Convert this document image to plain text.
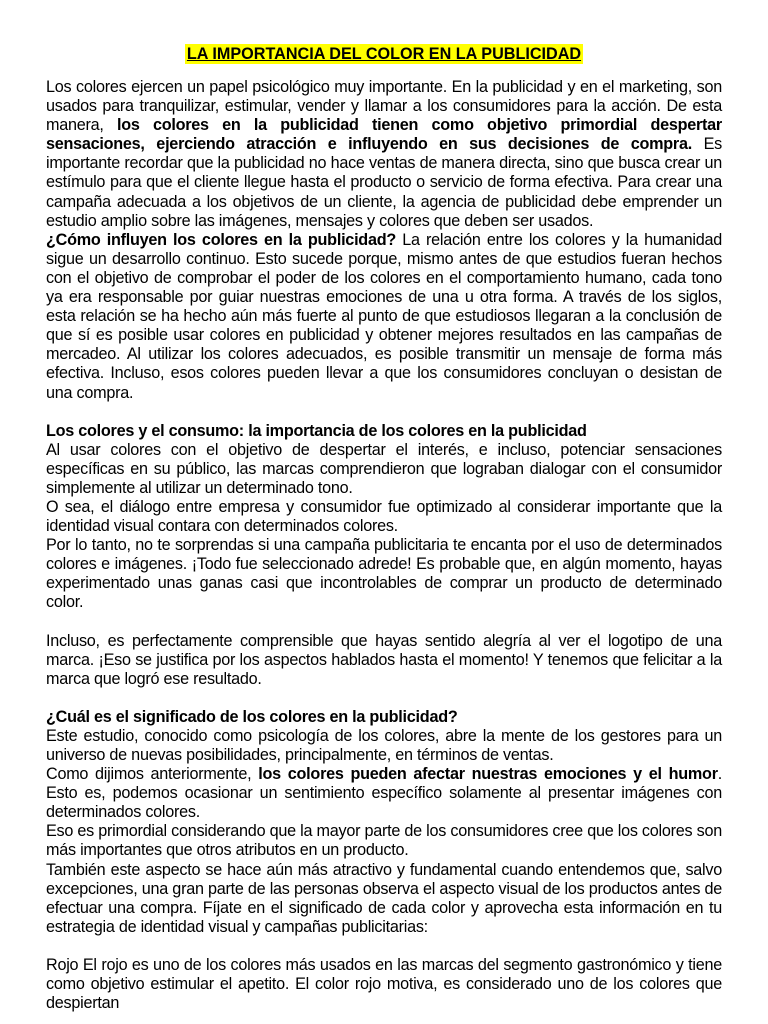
LA IMPORTANCIA DEL COLOR EN LA PUBLICIDAD

Los colores ejercen un papel psicológico muy importante. En la publicidad y en el marketing, son usados para tranquilizar, estimular, vender y llamar a los consumidores para la acción. De esta manera, los colores en la publicidad tienen como objetivo primordial despertar sensaciones, ejerciendo atracción e influyendo en sus decisiones de compra. Es importante recordar que la publicidad no hace ventas de manera directa, sino que busca crear un estímulo para que el cliente llegue hasta el producto o servicio de forma efectiva. Para crear una campaña adecuada a los objetivos de un cliente, la agencia de publicidad debe emprender un estudio amplio sobre las imágenes, mensajes y colores que deben ser usados.

¿Cómo influyen los colores en la publicidad? La relación entre los colores y la humanidad sigue un desarrollo continuo. Esto sucede porque, mismo antes de que estudios fueran hechos con el objetivo de comprobar el poder de los colores en el comportamiento humano, cada tono ya era responsable por guiar nuestras emociones de una u otra forma. A través de los siglos, esta relación se ha hecho aún más fuerte al punto de que estudiosos llegaran a la conclusión de que sí es posible usar colores en publicidad y obtener mejores resultados en las campañas de mercadeo. Al utilizar los colores adecuados, es posible transmitir un mensaje de forma más efectiva. Incluso, esos colores pueden llevar a que los consumidores concluyan o desistan de una compra.

Los colores y el consumo: la importancia de los colores en la publicidad

Al usar colores con el objetivo de despertar el interés, e incluso, potenciar sensaciones específicas en su público, las marcas comprendieron que lograban dialogar con el consumidor simplemente al utilizar un determinado tono.

O sea, el diálogo entre empresa y consumidor fue optimizado al considerar importante que la identidad visual contara con determinados colores.

Por lo tanto, no te sorprendas si una campaña publicitaria te encanta por el uso de determinados colores e imágenes. ¡Todo fue seleccionado adrede! Es probable que, en algún momento, hayas experimentado unas ganas casi que incontrolables de comprar un producto de determinado color.

Incluso, es perfectamente comprensible que hayas sentido alegría al ver el logotipo de una marca. ¡Eso se justifica por los aspectos hablados hasta el momento! Y tenemos que felicitar a la marca que logró ese resultado.

¿Cuál es el significado de los colores en la publicidad?

Este estudio, conocido como psicología de los colores, abre la mente de los gestores para un universo de nuevas posibilidades, principalmente, en términos de ventas.

Como dijimos anteriormente, los colores pueden afectar nuestras emociones y el humor. Esto es, podemos ocasionar un sentimiento específico solamente al presentar imágenes con determinados colores.

Eso es primordial considerando que la mayor parte de los consumidores cree que los colores son más importantes que otros atributos en un producto.

También este aspecto se hace aún más atractivo y fundamental cuando entendemos que, salvo excepciones, una gran parte de las personas observa el aspecto visual de los productos antes de efectuar una compra. Fíjate en el significado de cada color y aprovecha esta información en tu estrategia de identidad visual y campañas publicitarias:

Rojo El rojo es uno de los colores más usados en las marcas del segmento gastronómico y tiene como objetivo estimular el apetito. El color rojo motiva, es considerado uno de los colores que despiertan
